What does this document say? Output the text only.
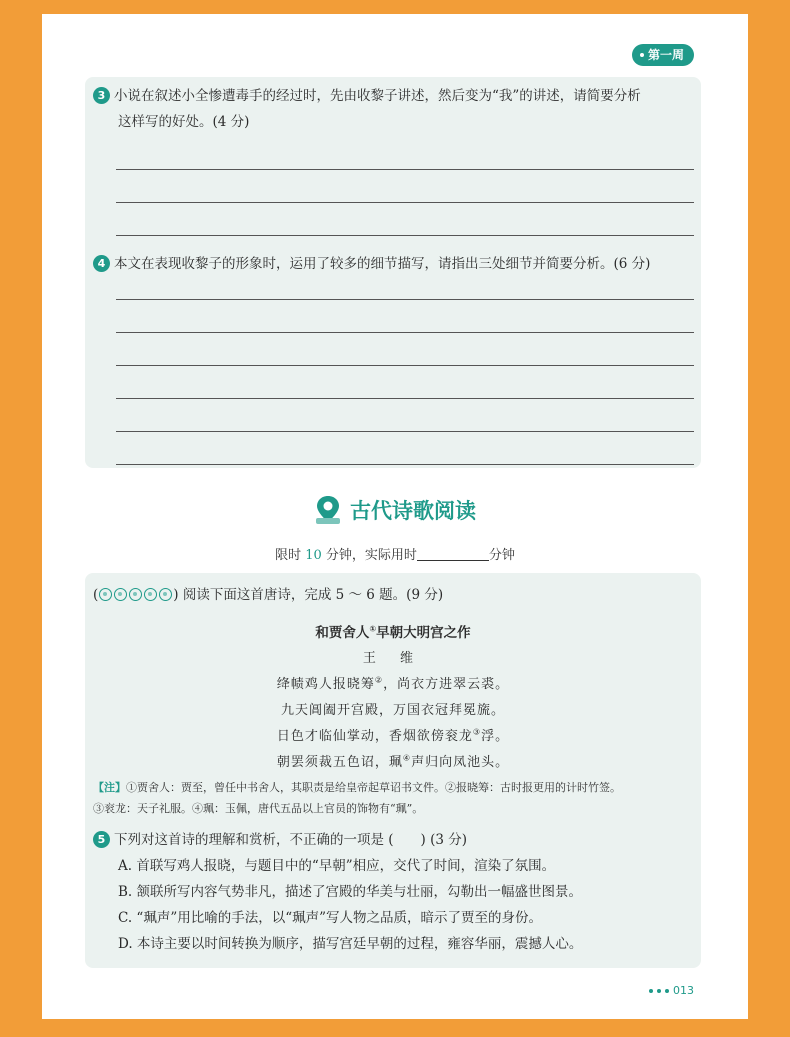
第一周
3 小说在叙述小全惨遭毒手的经过时，先由收黎子讲述，然后变为“我”的讲述，请简要分析
这样写的好处。(4 分)
4 本文在表现收黎子的形象时，运用了较多的细节描写，请指出三处细节并简要分析。(6 分)
古代诗歌阅读
限时 10 分钟，实际用时	分钟
(	) 阅读下面这首唐诗，完成 5 ～ 6 题。(9 分)
和贾舍人①早朝大明宫之作
王 维
绛帻鸡人报晓筹②，尚衣方进翠云裘。
九天阊阖开宫殿，万国衣冠拜冕旒。
日色才临仙掌动，香烟欲傍衮龙③浮。
朝罢须裁五色诏，珮④声归向凤池头。
【注】①贾舍人：贾至，曾任中书舍人，其职责是给皇帝起草诏书文件。②报晓筹：古时报更用的计时竹签。
③衮龙：天子礼服。④珮：玉佩，唐代五品以上官员的饰物有“珮”。
5 下列对这首诗的理解和赏析，不正确的一项是 (　　) (3 分)
A. 首联写鸡人报晓，与题目中的“早朝”相应，交代了时间，渲染了氛围。
B. 颔联所写内容气势非凡，描述了宫殿的华美与壮丽，勾勒出一幅盛世图景。
C. “珮声”用比喻的手法，以“珮声”写人物之品质，暗示了贾至的身份。
D. 本诗主要以时间转换为顺序，描写宫廷早朝的过程，雍容华丽，震撼人心。
013
